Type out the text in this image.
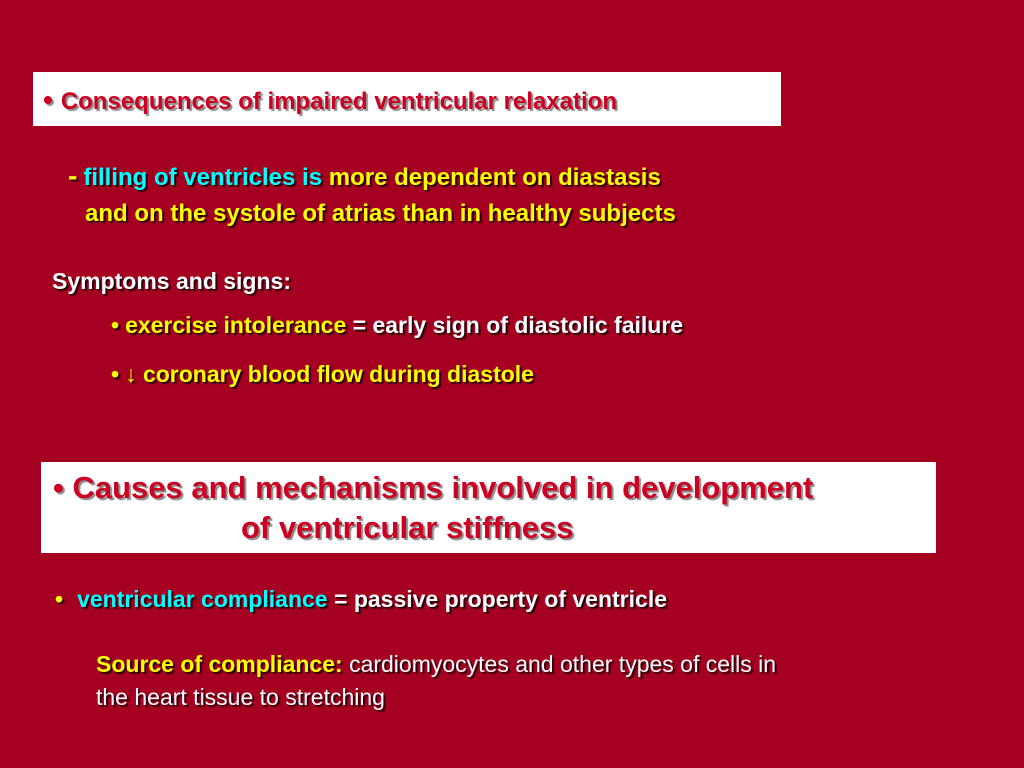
• Consequences of impaired ventricular relaxation
- filling of ventricles is more dependent on diastasis
and on the systole of atrias than in healthy subjects
Symptoms and signs:
• exercise intolerance = early sign of diastolic failure
• ↓ coronary blood flow during diastole
• Causes and mechanisms involved in development
of ventricular stiffness
• ventricular compliance = passive property of ventricle
Source of compliance: cardiomyocytes and other types of cells in
the heart tissue to stretching
